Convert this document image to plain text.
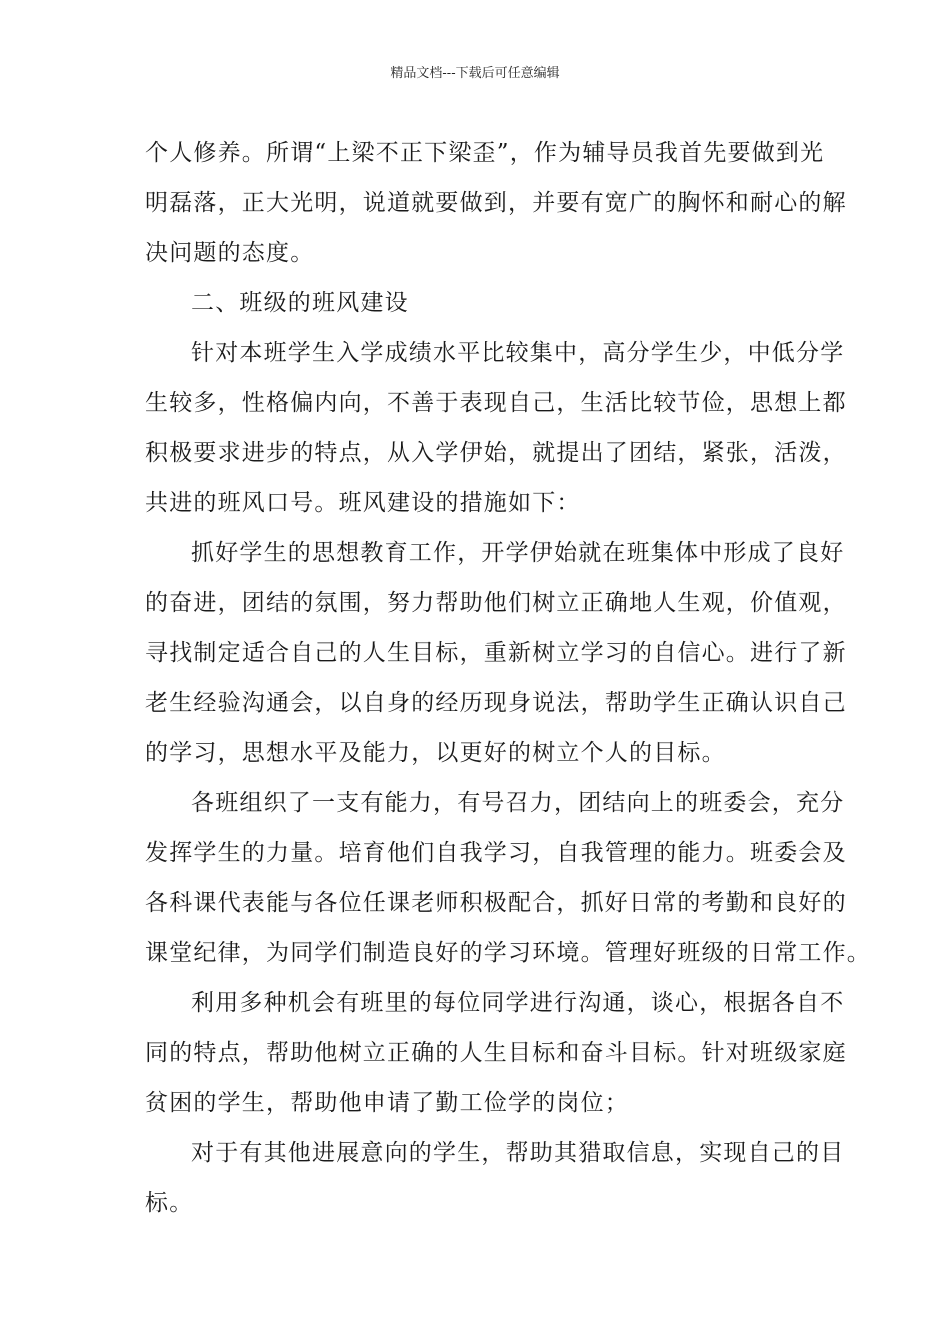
精品文档---下载后可任意编辑
个人修养。所谓“上梁不正下梁歪”，作为辅导员我首先要做到光
明磊落，正大光明，说道就要做到，并要有宽广的胸怀和耐心的解
决问题的态度。
二、班级的班风建设
针对本班学生入学成绩水平比较集中，高分学生少，中低分学
生较多，性格偏内向，不善于表现自己，生活比较节俭，思想上都
积极要求进步的特点，从入学伊始，就提出了团结，紧张，活泼，
共进的班风口号。班风建设的措施如下：
抓好学生的思想教育工作，开学伊始就在班集体中形成了良好
的奋进，团结的氛围，努力帮助他们树立正确地人生观，价值观，
寻找制定适合自己的人生目标，重新树立学习的自信心。进行了新
老生经验沟通会，以自身的经历现身说法，帮助学生正确认识自己
的学习，思想水平及能力，以更好的树立个人的目标。
各班组织了一支有能力，有号召力，团结向上的班委会，充分
发挥学生的力量。培育他们自我学习，自我管理的能力。班委会及
各科课代表能与各位任课老师积极配合，抓好日常的考勤和良好的
课堂纪律，为同学们制造良好的学习环境。管理好班级的日常工作。
利用多种机会有班里的每位同学进行沟通，谈心，根据各自不
同的特点，帮助他树立正确的人生目标和奋斗目标。针对班级家庭
贫困的学生，帮助他申请了勤工俭学的岗位；
对于有其他进展意向的学生，帮助其猎取信息，实现自己的目
标。
